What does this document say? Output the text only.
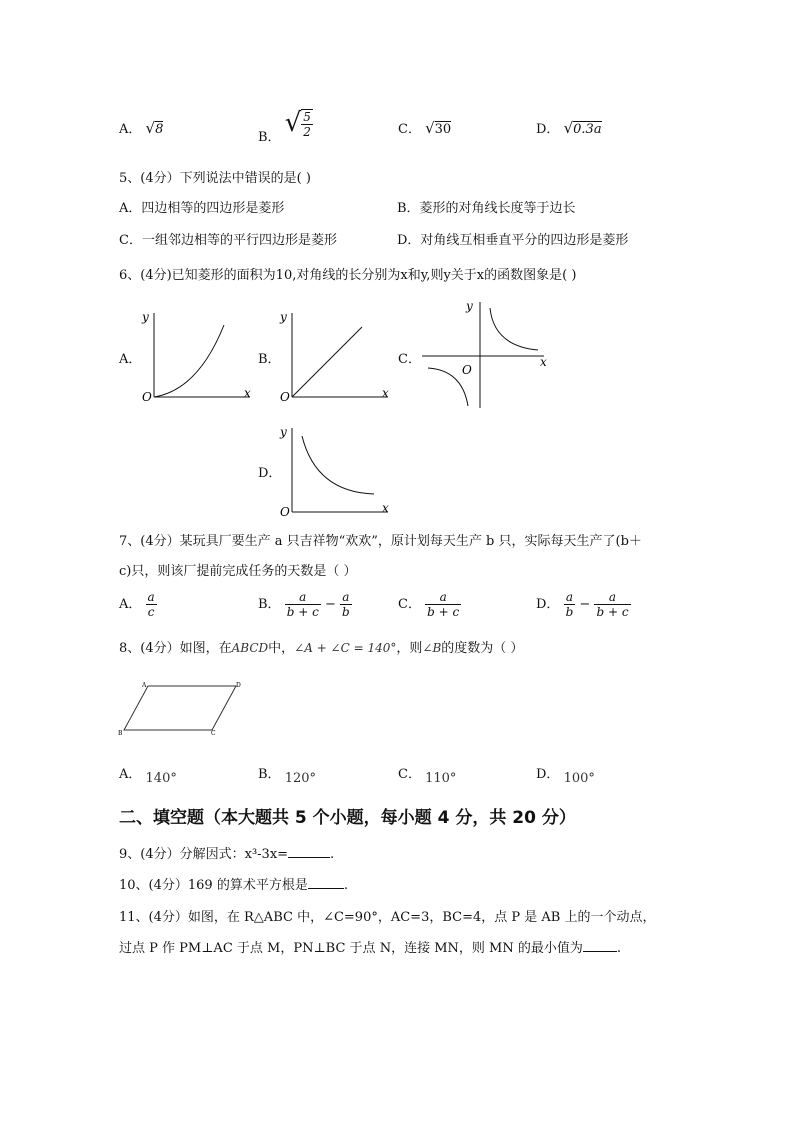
A． √8
B． √ $\frac{5}{2}$	C． √30	D． √0.3a
5、(4分）下列说法中错误的是( )
A．四边相等的四边形是菱形	B．菱形的对角线长度等于边长
C．一组邻边相等的平行四边形是菱形	D．对角线互相垂直平分的四边形是菱形
6、(4分)已知菱形的面积为10,对角线的长分别为x和y,则y关于x的函数图象是( )
A．
y
x
O
B．
y
x
O
C．
y
x
O
D．
y
x
O
7、(4分）某玩具厂要生产 a 只吉祥物“欢欢”，原计划每天生产 b 只，实际每天生产了(b＋
c)只，则该厂提前完成任务的天数是（ ）
A． $\frac{a}{c}$	B． $\frac{a}{b + c} - \frac{a}{b}$	C． $\frac{a}{b + c}$	D． $\frac{a}{b} - \frac{a}{b + c}$
8、(4分）如图，在ABCD中，∠A + ∠C = 140°，则∠B的度数为（ ）
A	D
B	C
A． 140°	B． 120°	C． 110°	D． 100°
二、填空题（本大题共 5 个小题，每小题 4 分，共 20 分）
9、(4分）分解因式：x³-3x=	.
10、(4分）169 的算术平方根是	.
11、(4分）如图，在 R△ABC 中，∠C=90°，AC=3，BC=4，点 P 是 AB 上的一个动点，
过点 P 作 PM⊥AC 于点 M，PN⊥BC 于点 N，连接 MN，则 MN 的最小值为	.
